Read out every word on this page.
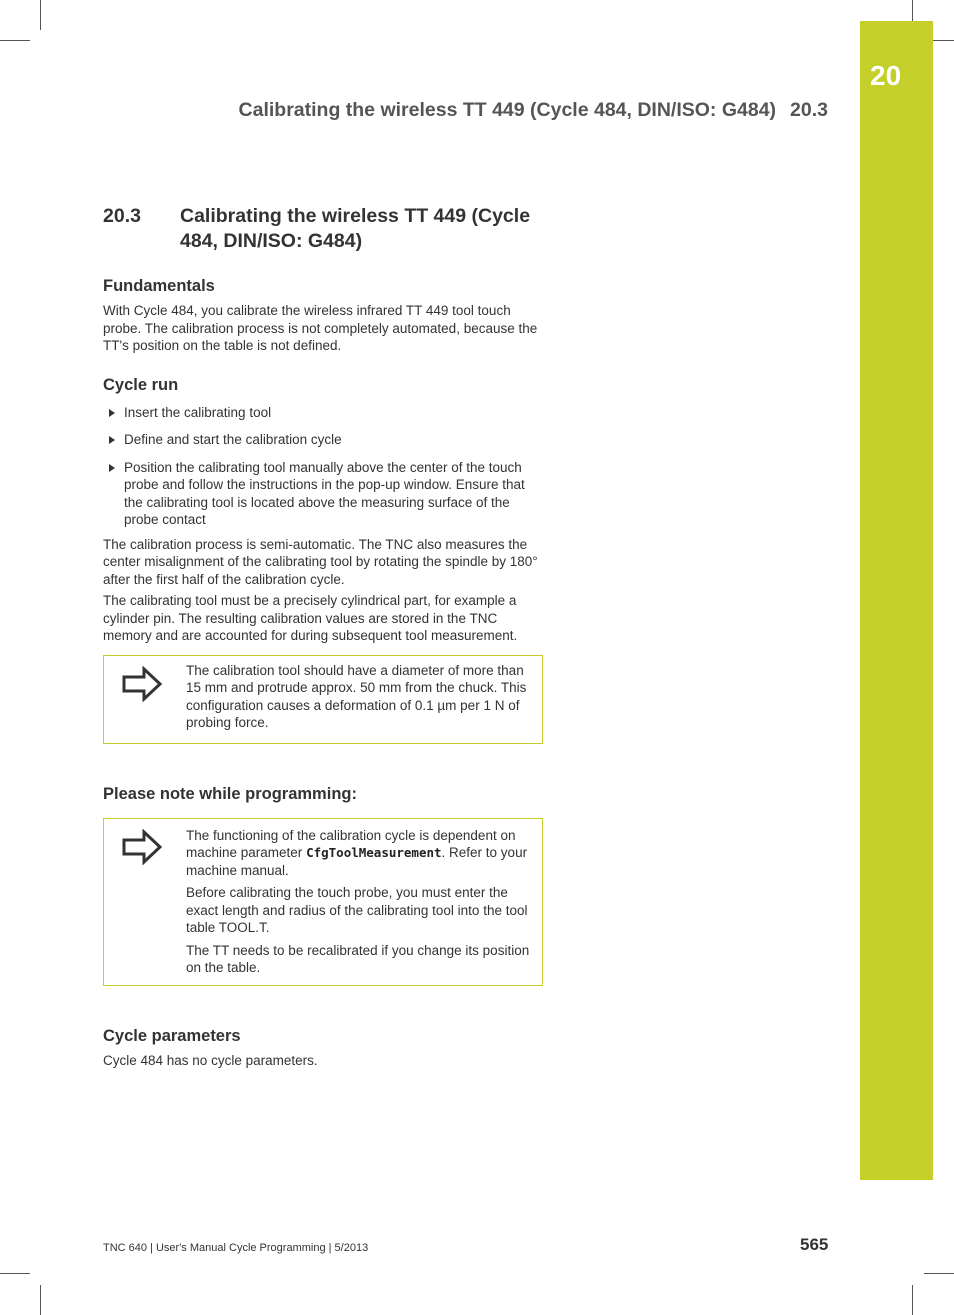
20
Calibrating the wireless TT 449 (Cycle 484, DIN/ISO: G484) 20.3
20.3	Calibrating the wireless TT 449 (Cycle 484, DIN/ISO: G484)
Fundamentals

With Cycle 484, you calibrate the wireless infrared TT 449 tool touch probe. The calibration process is not completely automated, because the TT's position on the table is not defined.

Cycle run
Insert the calibrating tool
Define and start the calibration cycle
Position the calibrating tool manually above the center of the touch probe and follow the instructions in the pop-up window. Ensure that the calibrating tool is located above the measuring surface of the probe contact

The calibration process is semi-automatic. The TNC also measures the center misalignment of the calibrating tool by rotating the spindle by 180° after the first half of the calibration cycle.

The calibrating tool must be a precisely cylindrical part, for example a cylinder pin. The resulting calibration values are stored in the TNC memory and are accounted for during subsequent tool measurement.

The calibration tool should have a diameter of more than 15 mm and protrude approx. 50 mm from the chuck. This configuration causes a deformation of 0.1 µm per 1 N of probing force.

Please note while programming:

The functioning of the calibration cycle is dependent on machine parameter CfgToolMeasurement. Refer to your machine manual.

Before calibrating the touch probe, you must enter the exact length and radius of the calibrating tool into the tool table TOOL.T.

The TT needs to be recalibrated if you change its position on the table.

Cycle parameters

Cycle 484 has no cycle parameters.

TNC 640 | User's Manual Cycle Programming | 5/2013	565
